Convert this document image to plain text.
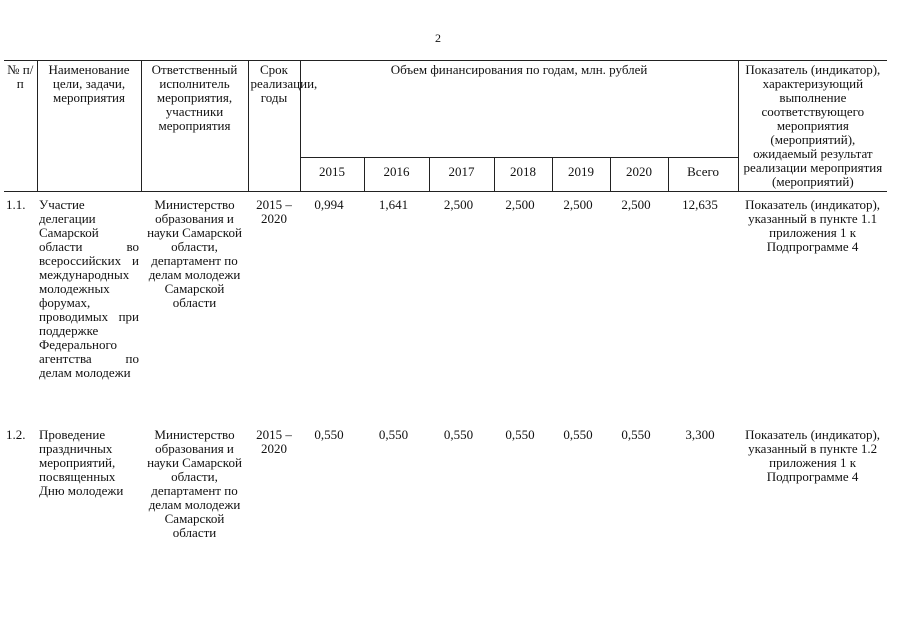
2
№ п/п	Наименование цели, задачи, мероприятия	Ответственный исполнитель мероприятия, участники мероприятия	Срок реализации, годы	Объем финансирования по годам, млн. рублей							Показатель (индикатор), характеризующий выполнение соответствующего мероприятия (мероприятий), ожидаемый результат реализации мероприятия (мероприятий)
				2015	2016	2017	2018	2019	2020	Всего	
1.1.	Участие делегации Самарской области во всероссийских и международных молодежных форумах, проводимых при поддержке Федерального агентства по делам молодежи	Министерство образования и науки Самарской области, департамент по делам молодежи Самарской области	2015 – 2020	0,994	1,641	2,500	2,500	2,500	2,500	12,635	Показатель (индикатор), указанный в пункте 1.1 приложения 1 к Подпрограмме 4
1.2.	Проведение праздничных мероприятий, посвященных Дню молодежи	Министерство образования и науки Самарской области, департамент по делам молодежи Самарской области	2015 – 2020	0,550	0,550	0,550	0,550	0,550	0,550	3,300	Показатель (индикатор), указанный в пункте 1.2 приложения 1 к Подпрограмме 4
